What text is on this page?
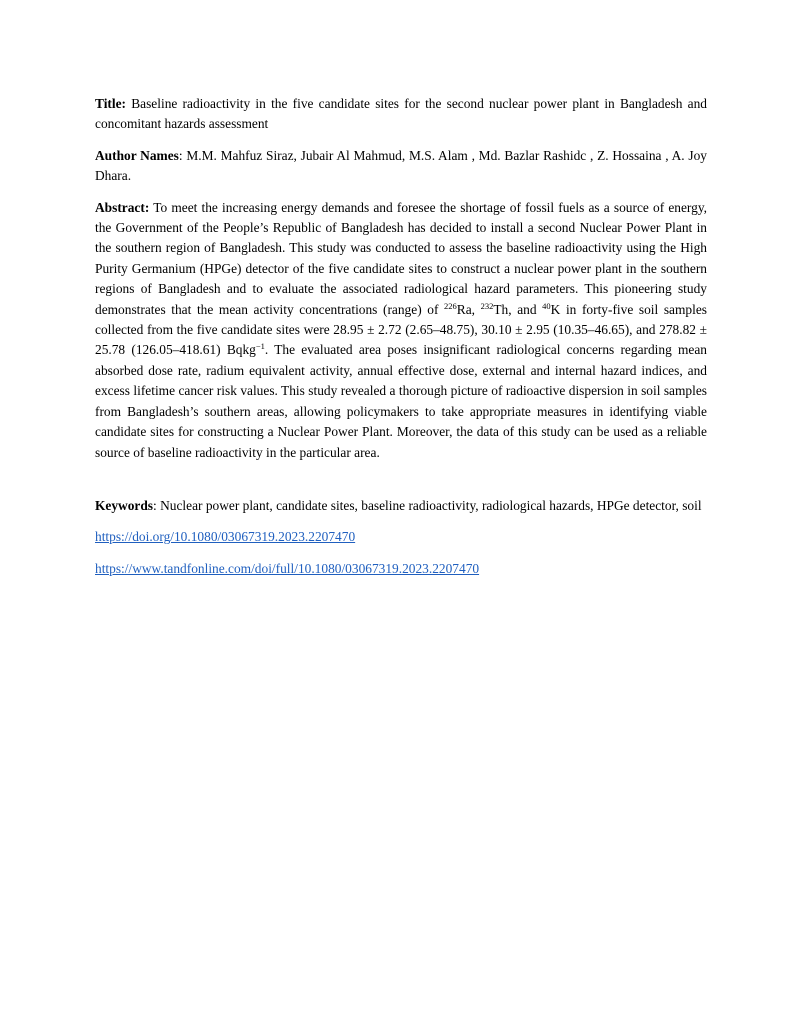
Title: Baseline radioactivity in the five candidate sites for the second nuclear power plant in Bangladesh and concomitant hazards assessment

Author Names: M.M. Mahfuz Siraz, Jubair Al Mahmud, M.S. Alam , Md. Bazlar Rashidc , Z. Hossaina , A. Joy Dhara.

Abstract: To meet the increasing energy demands and foresee the shortage of fossil fuels as a source of energy, the Government of the People’s Republic of Bangladesh has decided to install a second Nuclear Power Plant in the southern region of Bangladesh. This study was conducted to assess the baseline radioactivity using the High Purity Germanium (HPGe) detector of the five candidate sites to construct a nuclear power plant in the southern regions of Bangladesh and to evaluate the associated radiological hazard parameters. This pioneering study demonstrates that the mean activity concentrations (range) of $^{226}$Ra, $^{232}$Th, and $^{40}$K in forty-five soil samples collected from the five candidate sites were 28.95 ± 2.72 (2.65–48.75), 30.10 ± 2.95 (10.35–46.65), and 278.82 ± 25.78 (126.05–418.61) Bqkg$^{-1}$. The evaluated area poses insignificant radiological concerns regarding mean absorbed dose rate, radium equivalent activity, annual effective dose, external and internal hazard indices, and excess lifetime cancer risk values. This study revealed a thorough picture of radioactive dispersion in soil samples from Bangladesh’s southern areas, allowing policymakers to take appropriate measures in identifying viable candidate sites for constructing a Nuclear Power Plant. Moreover, the data of this study can be used as a reliable source of baseline radioactivity in the particular area.

Keywords: Nuclear power plant, candidate sites, baseline radioactivity, radiological hazards, HPGe detector, soil

https://doi.org/10.1080/03067319.2023.2207470

https://www.tandfonline.com/doi/full/10.1080/03067319.2023.2207470
